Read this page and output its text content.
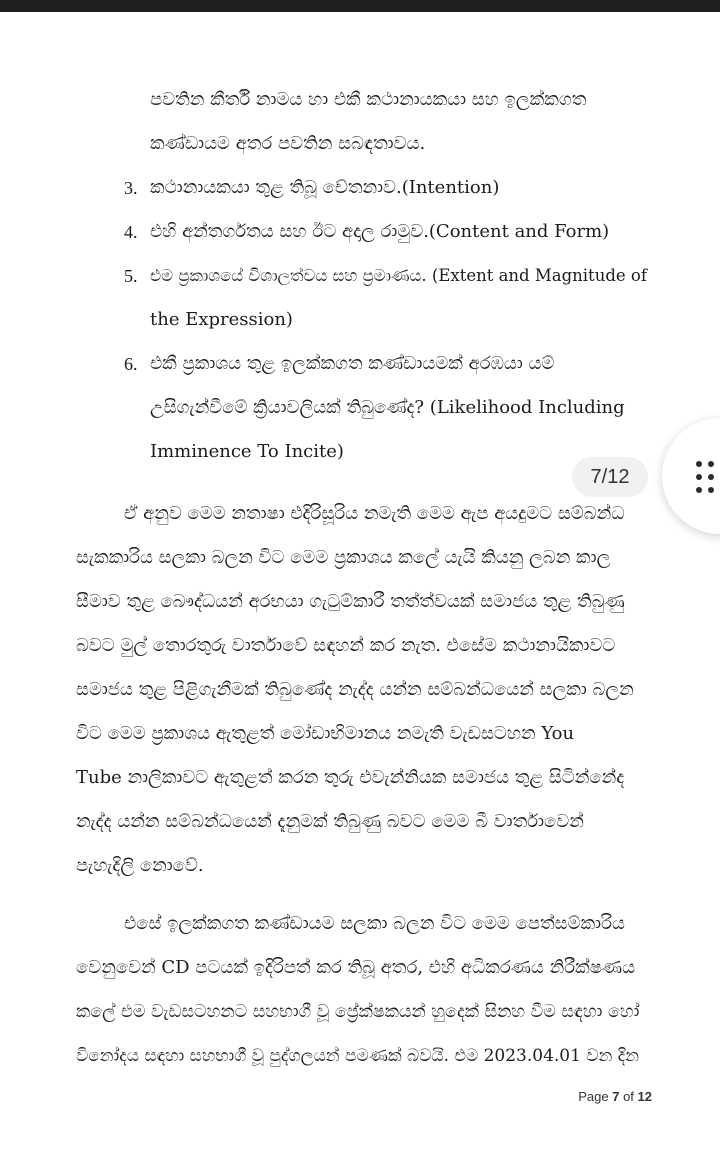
පවතින කීර්ති නාමය හා එකී කථානායකයා සහ ඉලක්කගත
කණ්ඩායම අතර පවතින සබඳතාවය.
3. කථානායකයා තුළ තිබූ චේතනාව.(Intention)
4. එහි අන්තර්ගතය සහ ඊට අදාල රාමුව.(Content and Form)
5. එම ප්‍රකාශයේ විශාලත්වය සහ ප්‍රමාණය. (Extent and Magnitude of
the Expression)
6. එකී ප්‍රකාශය තුළ ඉලක්කගත කණ්ඩායමක් අරඹයා යම්
උසිගැන්වීමේ ක්‍රියාවලියක් තිබුණේද? (Likelihood Including
Imminence To Incite)
ඒ අනුව මෙම නතාෂා එදිරිසූරිය නමැති මෙම ඇප අයදුමට සම්බන්ධ
සැකකාරිය සලකා බලන විට මෙම ප්‍රකාශය කලේ යැයි කියනු ලබන කාල
සීමාව තුළ බෞද්ධයන් අරභයා ගැටුම්කාරී තත්ත්වයක් සමාජය තුළ තිබුණු
බවට මුල් තොරතුරු වාර්තාවේ සඳහන් කර නැත. එසේම කථානායිකාවට
සමාජය තුළ පිළිගැනීමක් තිබුණේද නැද්ද යන්න සම්බන්ධයෙන් සලකා බලන
විට මෙම ප්‍රකාශය ඇතුළත් මෝඩාභිමානය නමැති වැඩසටහන You
Tube නාලිකාවට ඇතුළත් කරන තුරු එවැන්නියක සමාජය තුළ සිටින්නේද
නැද්ද යන්න සම්බන්ධයෙන් දැනුමක් තිබුණු බවට මෙම බී වාර්තාවෙන්
පැහැදිලි නොවේ.
එසේ ඉලක්කගත කණ්ඩායම සලකා බලන විට මෙම පෙත්සම්කාරිය
වෙනුවෙන් CD පටයක් ඉදිරිපත් කර තිබූ අතර, එහි අධිකරණය නිරීක්ෂණය
කලේ එම වැඩසටහනට සහභාගී වූ ප්‍රේක්ෂකයන් හුදෙක් සිනහ වීම සඳහා හෝ
විනෝදය සඳහා සහභාගී වූ පුද්ගලයන් පමණක් බවයි. එම 2023.04.01 වන දින
7/12
Page 7 of 12
